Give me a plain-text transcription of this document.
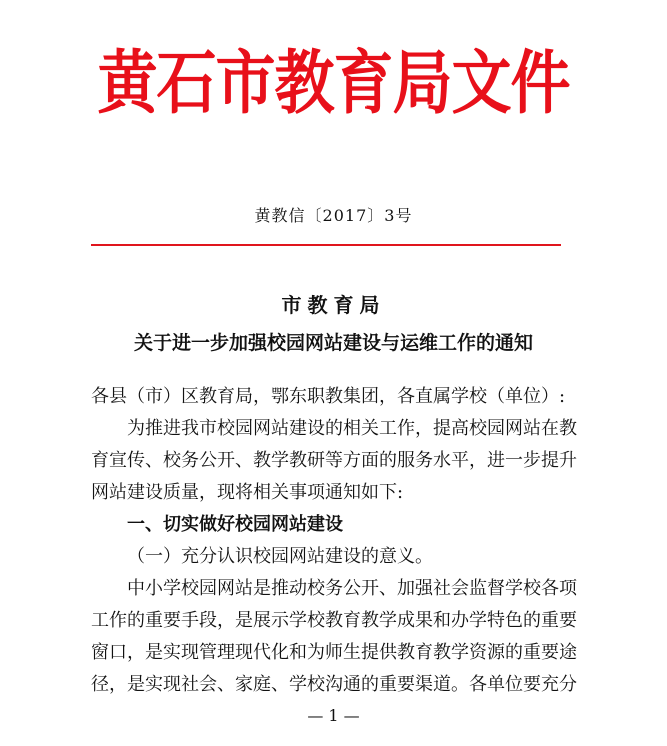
黄石市教育局文件
黄教信〔2017〕3号
市教育局
关于进一步加强校园网站建设与运维工作的通知
各县（市）区教育局，鄂东职教集团，各直属学校（单位）:
为推进我市校园网站建设的相关工作，提高校园网站在教
育宣传、校务公开、教学教研等方面的服务水平，进一步提升
网站建设质量，现将相关事项通知如下:
一、切实做好校园网站建设
（一）充分认识校园网站建设的意义。
中小学校园网站是推动校务公开、加强社会监督学校各项
工作的重要手段，是展示学校教育教学成果和办学特色的重要
窗口，是实现管理现代化和为师生提供教育教学资源的重要途
径，是实现社会、家庭、学校沟通的重要渠道。各单位要充分
— 1 —
